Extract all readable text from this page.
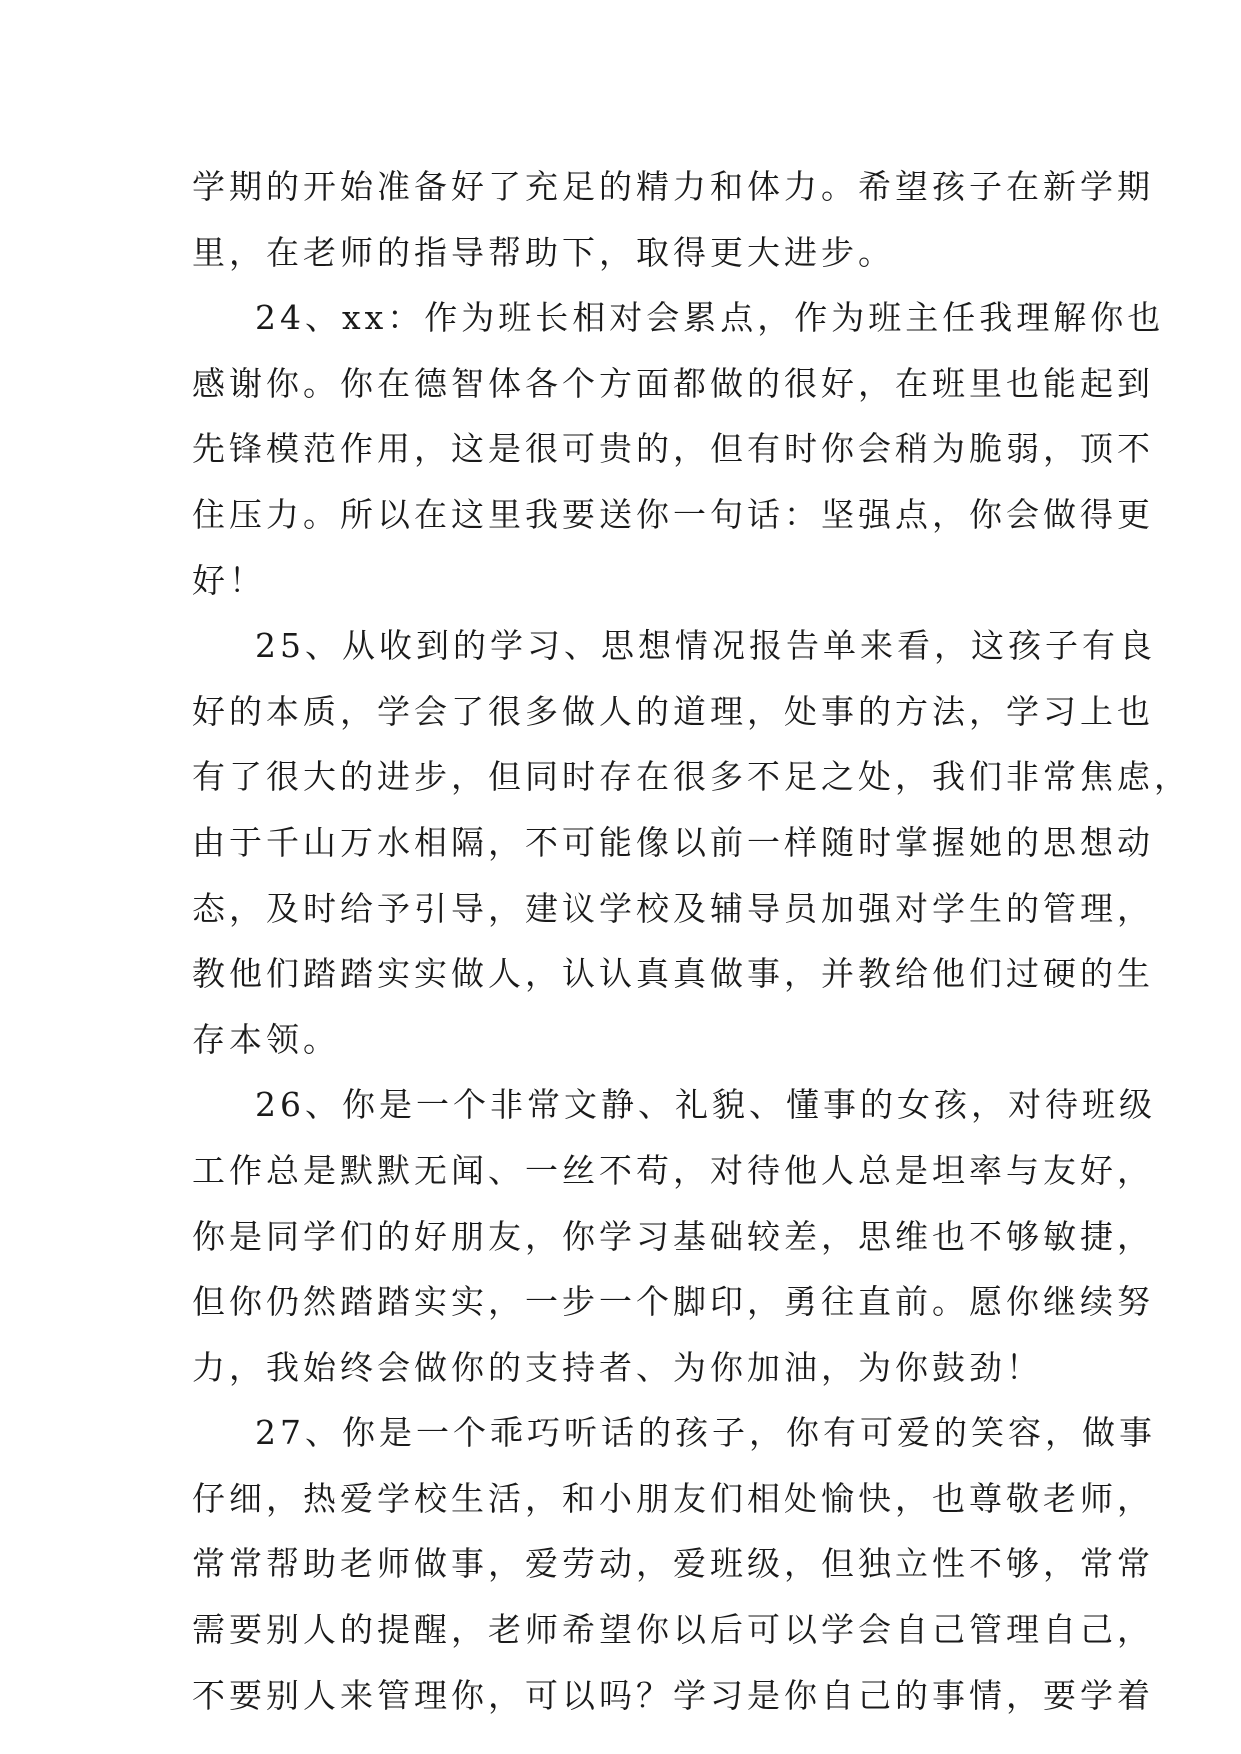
学期的开始准备好了充足的精力和体力。希望孩子在新学期
里，在老师的指导帮助下，取得更大进步。
24、xx：作为班长相对会累点，作为班主任我理解你也
感谢你。你在德智体各个方面都做的很好，在班里也能起到
先锋模范作用，这是很可贵的，但有时你会稍为脆弱，顶不
住压力。所以在这里我要送你一句话：坚强点，你会做得更
好！
25、从收到的学习、思想情况报告单来看，这孩子有良
好的本质，学会了很多做人的道理，处事的方法，学习上也
有了很大的进步，但同时存在很多不足之处，我们非常焦虑，
由于千山万水相隔，不可能像以前一样随时掌握她的思想动
态，及时给予引导，建议学校及辅导员加强对学生的管理，
教他们踏踏实实做人，认认真真做事，并教给他们过硬的生
存本领。
26、你是一个非常文静、礼貌、懂事的女孩，对待班级
工作总是默默无闻、一丝不苟，对待他人总是坦率与友好，
你是同学们的好朋友，你学习基础较差，思维也不够敏捷，
但你仍然踏踏实实，一步一个脚印，勇往直前。愿你继续努
力，我始终会做你的支持者、为你加油，为你鼓劲！
27、你是一个乖巧听话的孩子，你有可爱的笑容，做事
仔细，热爱学校生活，和小朋友们相处愉快，也尊敬老师，
常常帮助老师做事，爱劳动，爱班级，但独立性不够，常常
需要别人的提醒，老师希望你以后可以学会自己管理自己，
不要别人来管理你，可以吗？学习是你自己的事情，要学着
